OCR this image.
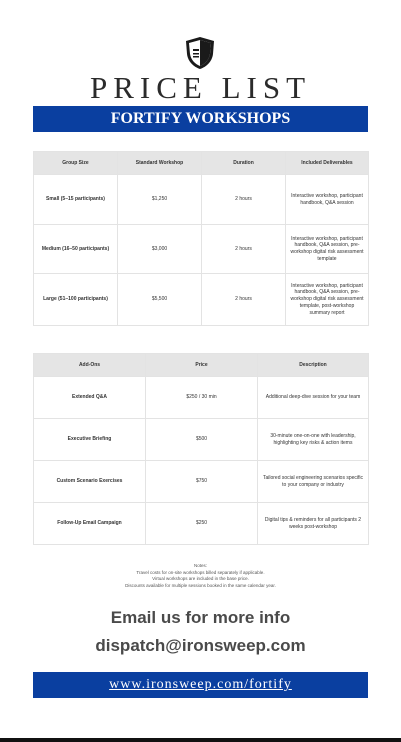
PRICE LIST
FORTIFY WORKSHOPS
Group Size	Standard Workshop	Duration	Included Deliverables
Small (5–15 participants)	$1,250	2 hours	Interactive workshop, participant handbook, Q&A session
Medium (16–50 participants)	$3,000	2 hours	Interactive workshop, participant handbook, Q&A session, pre-workshop digital risk assessment template
Large (51–100 participants)	$5,500	2 hours	Interactive workshop, participant handbook, Q&A session, pre-workshop digital risk assessment template, post-workshop summary report
Add-Ons	Price	Description
Extended Q&A	$250 / 30 min	Additional deep-dive session for your team
Executive Briefing	$500	30-minute one-on-one with leadership, highlighting key risks & action items
Custom Scenario Exercises	$750	Tailored social engineering scenarios specific to your company or industry
Follow-Up Email Campaign	$250	Digital tips & reminders for all participants 2 weeks post-workshop
Notes:
Travel costs for on-site workshops billed separately if applicable.
Virtual workshops are included in the base price.
Discounts available for multiple sessions booked in the same calendar year.
Email us for more info
dispatch@ironsweep.com
www.ironsweep.com/fortify
